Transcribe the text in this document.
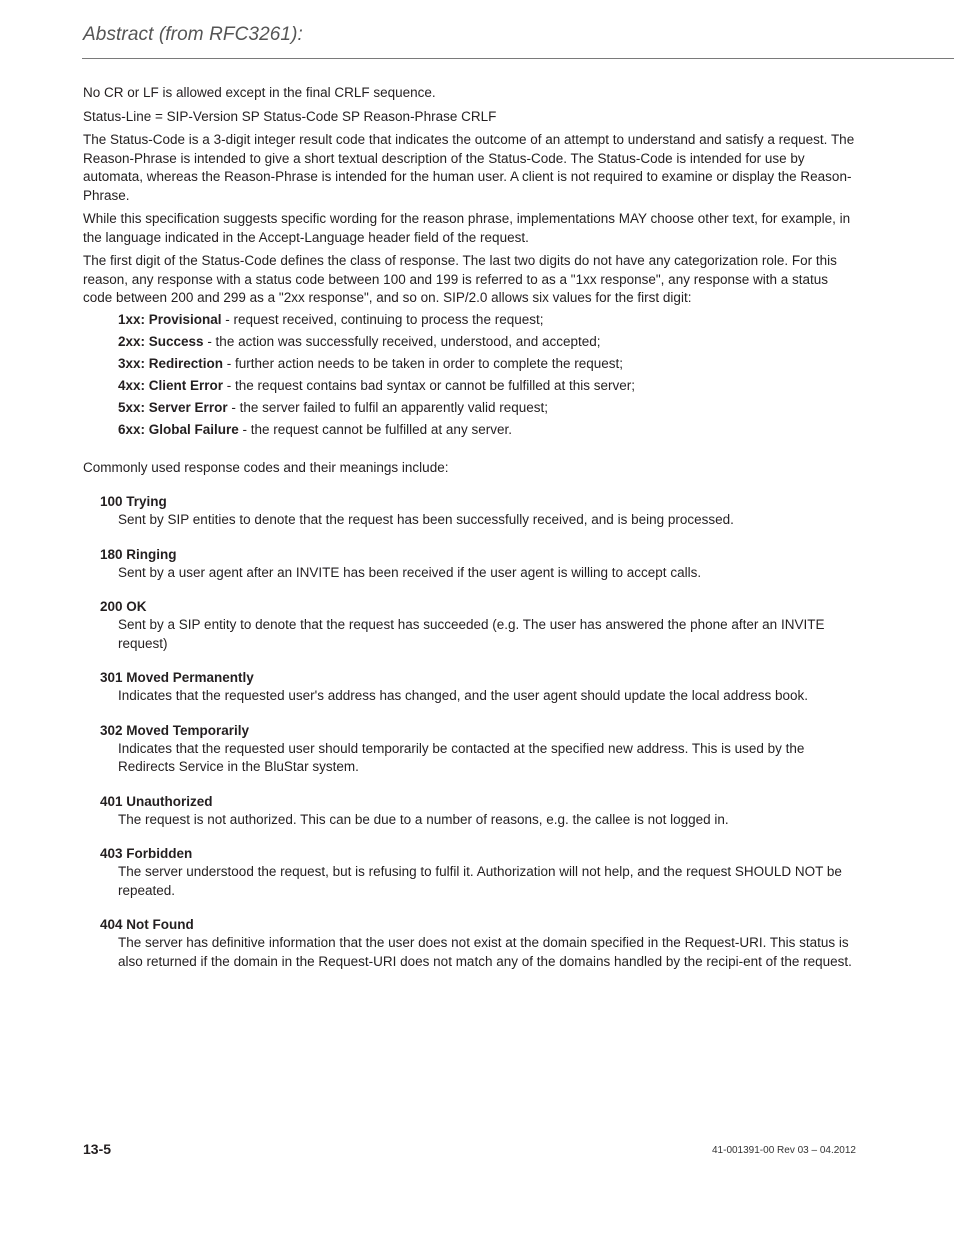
Abstract (from RFC3261):

No CR or LF is allowed except in the final CRLF sequence.

Status-Line = SIP-Version SP Status-Code SP Reason-Phrase CRLF

The Status-Code is a 3-digit integer result code that indicates the outcome of an attempt to understand and satisfy a request. The Reason-Phrase is intended to give a short textual description of the Status-Code. The Status-Code is intended for use by automata, whereas the Reason-Phrase is intended for the human user. A client is not required to examine or display the Reason-Phrase.

While this specification suggests specific wording for the reason phrase, implementations MAY choose other text, for example, in the language indicated in the Accept-Language header field of the request.

The first digit of the Status-Code defines the class of response. The last two digits do not have any categorization role. For this reason, any response with a status code between 100 and 199 is referred to as a "1xx response", any response with a status code between 200 and 299 as a "2xx response", and so on. SIP/2.0 allows six values for the first digit:

1xx: Provisional - request received, continuing to process the request;
2xx: Success - the action was successfully received, understood, and accepted;
3xx: Redirection - further action needs to be taken in order to complete the request;
4xx: Client Error - the request contains bad syntax or cannot be fulfilled at this server;
5xx: Server Error - the server failed to fulfil an apparently valid request;
6xx: Global Failure - the request cannot be fulfilled at any server.

Commonly used response codes and their meanings include:

100 Trying
Sent by SIP entities to denote that the request has been successfully received, and is being processed.
180 Ringing
Sent by a user agent after an INVITE has been received if the user agent is willing to accept calls.
200 OK
Sent by a SIP entity to denote that the request has succeeded (e.g. The user has answered the phone after an INVITE request)
301 Moved Permanently
Indicates that the requested user's address has changed, and the user agent should update the local address book.
302 Moved Temporarily
Indicates that the requested user should temporarily be contacted at the specified new address. This is used by the Redirects Service in the BluStar system.
401 Unauthorized
The request is not authorized. This can be due to a number of reasons, e.g. the callee is not logged in.
403 Forbidden
The server understood the request, but is refusing to fulfil it. Authorization will not help, and the request SHOULD NOT be repeated.
404 Not Found
The server has definitive information that the user does not exist at the domain specified in the Request-URI. This status is also returned if the domain in the Request-URI does not match any of the domains handled by the recipi-ent of the request.
13-5	41-001391-00 Rev 03 – 04.2012
